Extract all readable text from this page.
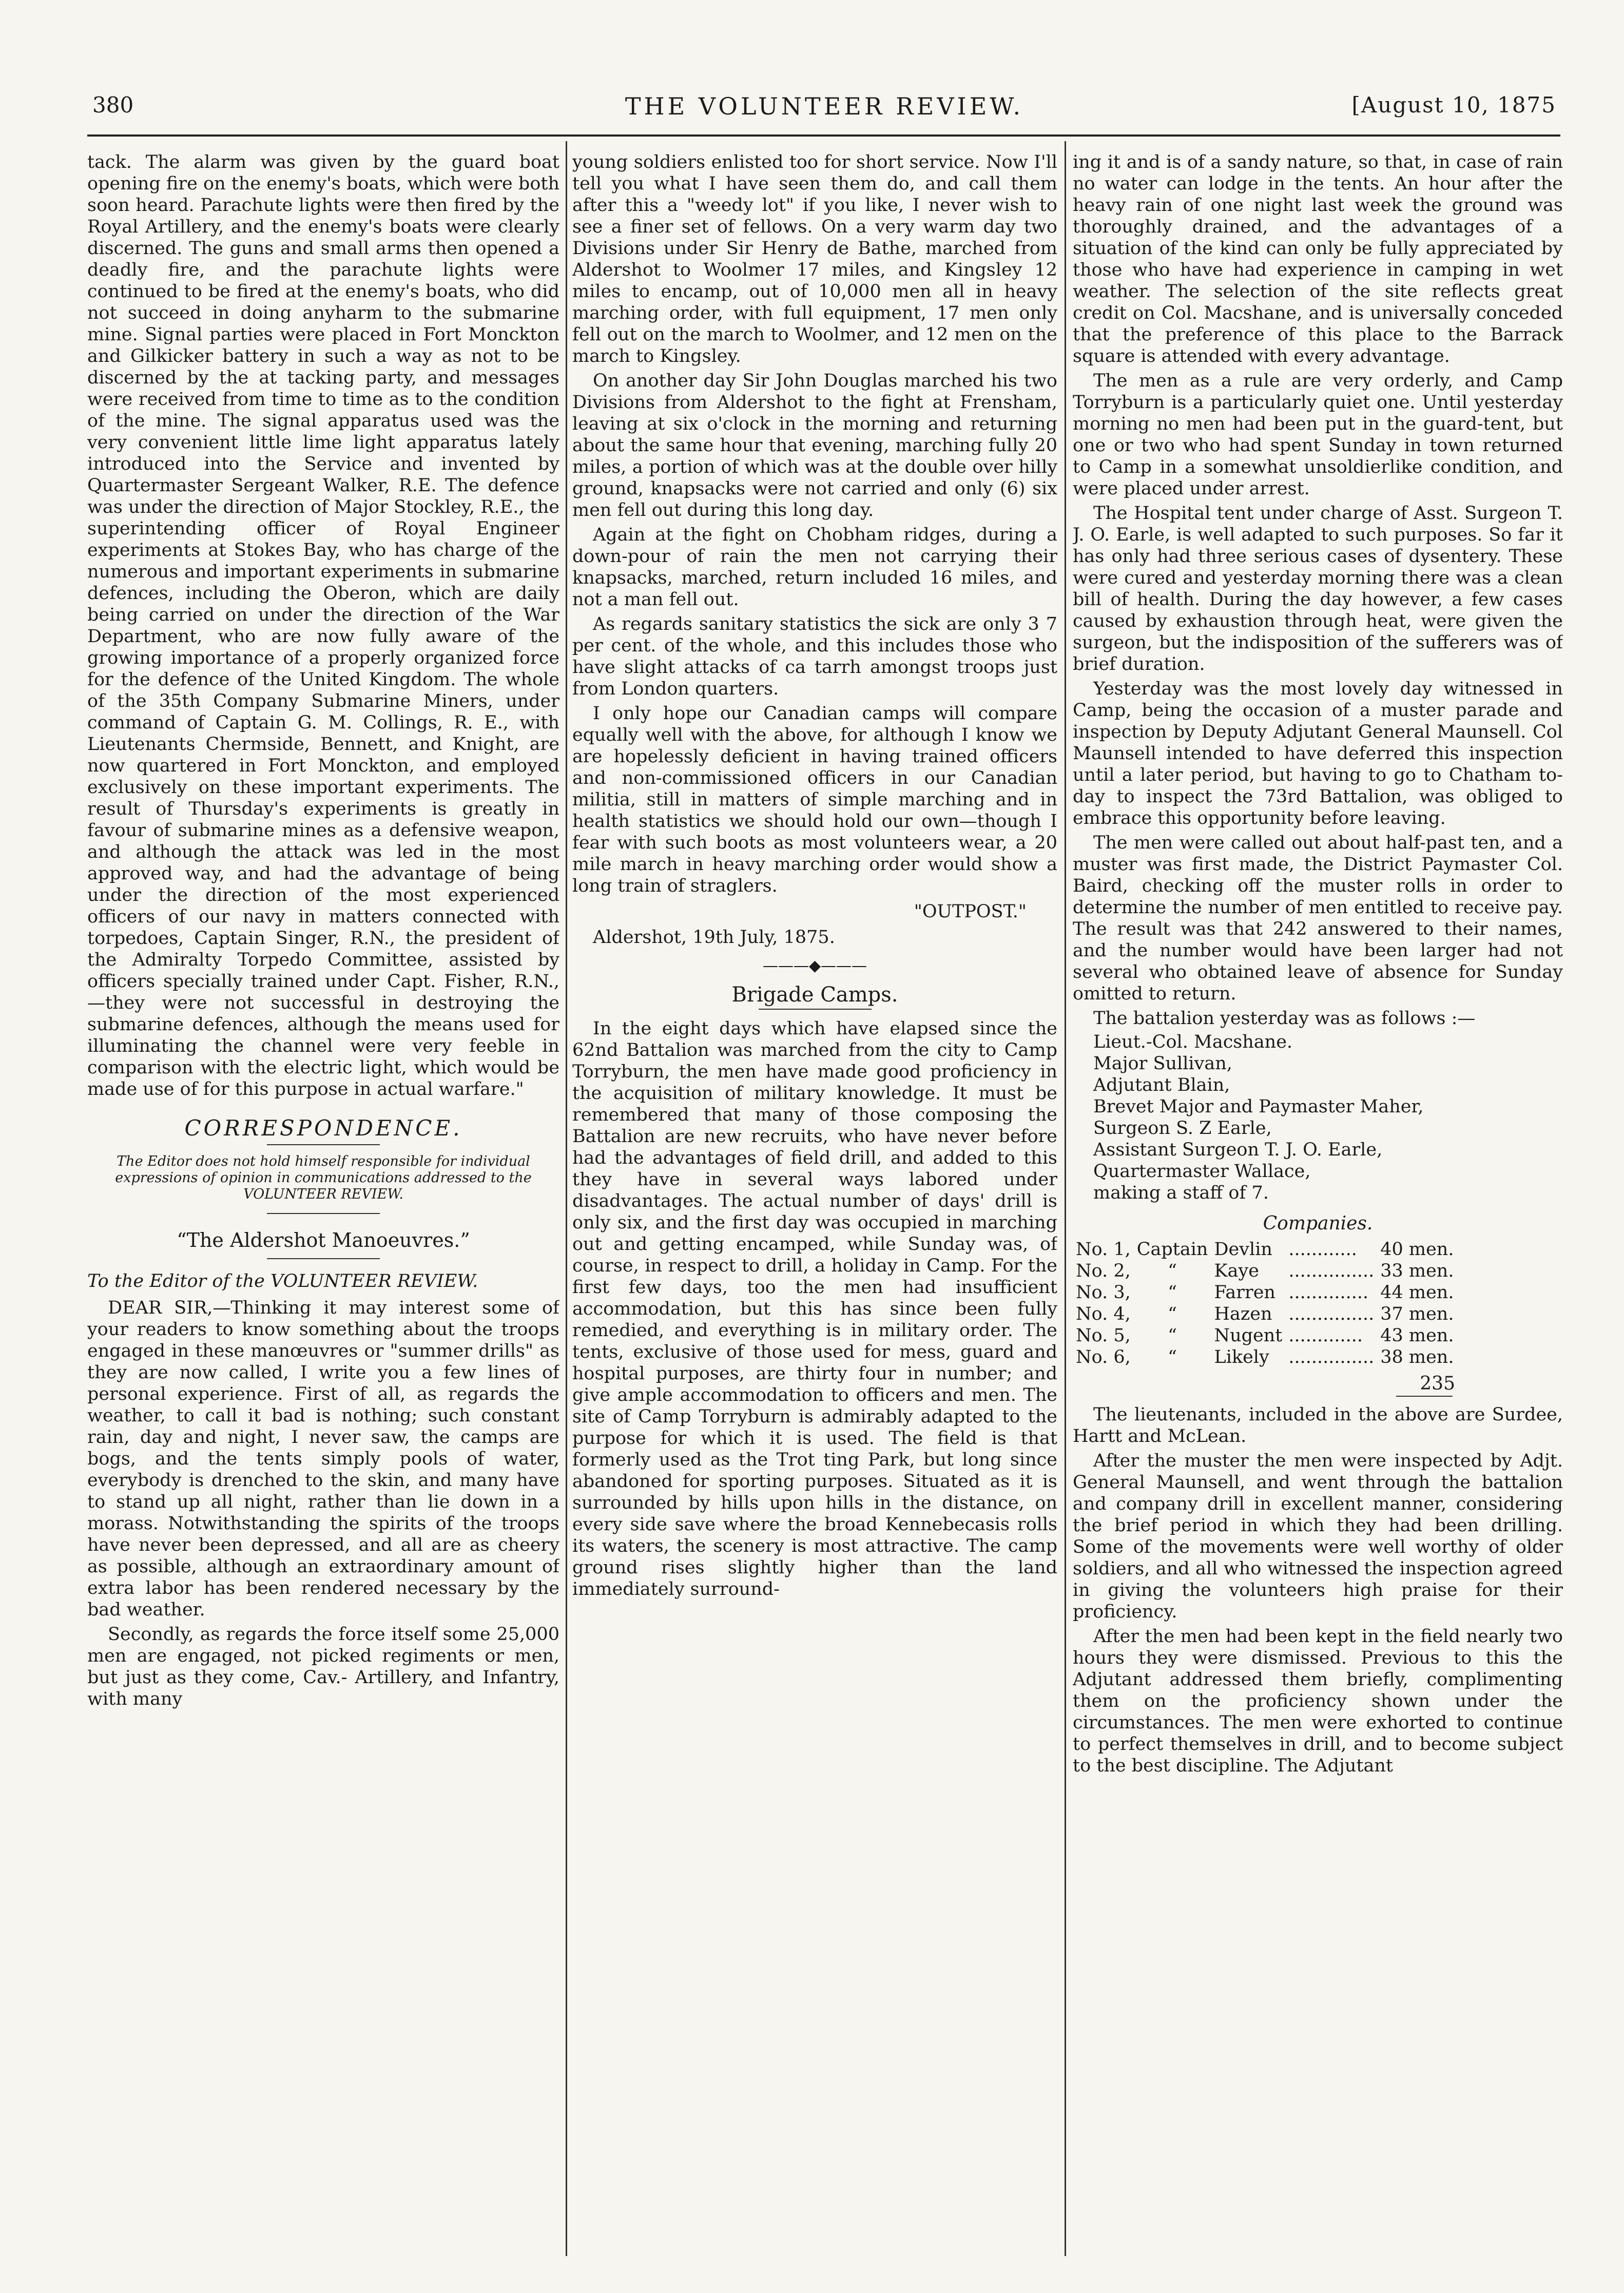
380	THE VOLUNTEER REVIEW.	[August 10, 1875

tack. The alarm was given by the guard boat opening fire on the enemy's boats, which were both soon heard. Parachute lights were then fired by the Royal Artillery, and the enemy's boats were clearly discerned. The guns and small arms then opened a deadly fire, and the parachute lights were continued to be fired at the enemy's boats, who did not succeed in doing anyharm to the submarine mine. Signal parties were placed in Fort Monckton and Gilkicker battery in such a way as not to be discerned by the at tacking party, and messages were received from time to time as to the condition of the mine. The signal apparatus used was the very convenient little lime light apparatus lately introduced into the Service and invented by Quartermaster Sergeant Walker, R.E. The defence was under the direction of Major Stockley, R.E., the superintending officer of Royal Engineer experiments at Stokes Bay, who has charge of the numerous and important experiments in submarine defences, including the Oberon, which are daily being carried on under the direction of the War Department, who are now fully aware of the growing importance of a properly organized force for the defence of the United Kingdom. The whole of the 35th Company Submarine Miners, under command of Captain G. M. Collings, R. E., with Lieutenants Chermside, Bennett, and Knight, are now quartered in Fort Monckton, and employed exclusively on these important experiments. The result of Thursday's experiments is greatly in favour of submarine mines as a defensive weapon, and although the attack was led in the most approved way, and had the advantage of being under the direction of the most experienced officers of our navy in matters connected with torpedoes, Captain Singer, R.N., the president of the Admiralty Torpedo Committee, assisted by officers specially trained under Capt. Fisher, R.N.,—they were not successful in destroying the submarine defences, although the means used for illuminating the channel were very feeble in comparison with the electric light, which would be made use of for this purpose in actual warfare."

CORRESPONDENCE.
The Editor does not hold himself responsible for individual expressions of opinion in communications addressed to the VOLUNTEER REVIEW.
“The Aldershot Manoeuvres.”

To the Editor of the VOLUNTEER REVIEW.

DEAR SIR,—Thinking it may interest some of your readers to know something about the troops engaged in these manœuvres or "summer drills" as they are now called, I write you a few lines of personal experience. First of all, as regards the weather, to call it bad is nothing; such constant rain, day and night, I never saw, the camps are bogs, and the tents simply pools of water, everybody is drenched to the skin, and many have to stand up all night, rather than lie down in a morass. Notwithstanding the spirits of the troops have never been depressed, and all are as cheery as possible, although an extraordinary amount of extra labor has been rendered necessary by the bad weather.

Secondly, as regards the force itself some 25,000 men are engaged, not picked regiments or men, but just as they come, Cav.- Artillery, and Infantry, with many

young soldiers enlisted too for short service. Now I'll tell you what I have seen them do, and call them after this a "weedy lot" if you like, I never wish to see a finer set of fellows. On a very warm day two Divisions under Sir Henry de Bathe, marched from Aldershot to Woolmer 17 miles, and Kingsley 12 miles to encamp, out of 10,000 men all in heavy marching order, with full equipment, 17 men only fell out on the march to Woolmer, and 12 men on the march to Kingsley.

On another day Sir John Douglas marched his two Divisions from Aldershot to the fight at Frensham, leaving at six o'clock in the morning and returning about the same hour that evening, marching fully 20 miles, a portion of which was at the double over hilly ground, knapsacks were not carried and only (6) six men fell out during this long day.

Again at the fight on Chobham ridges, during a down-pour of rain the men not carrying their knapsacks, marched, return included 16 miles, and not a man fell out.

As regards sanitary statistics the sick are only 3 7 per cent. of the whole, and this includes those who have slight attacks of ca tarrh amongst troops just from London quarters.

I only hope our Canadian camps will compare equally well with the above, for although I know we are hopelessly deficient in having trained officers and non-commissioned officers in our Canadian militia, still in matters of simple marching and in health statistics we should hold our own—though I fear with such boots as most volunteers wear, a 20 mile march in heavy marching order would show a long train of straglers.

"OUTPOST."
Aldershot, 19th July, 1875.
———◆———
Brigade Camps.

In the eight days which have elapsed since the 62nd Battalion was marched from the city to Camp Torryburn, the men have made good proficiency in the acquisition of military knowledge. It must be remembered that many of those composing the Battalion are new recruits, who have never before had the advantages of field drill, and added to this they have in several ways labored under disadvantages. The actual number of days' drill is only six, and the first day was occupied in marching out and getting encamped, while Sunday was, of course, in respect to drill, a holiday in Camp. For the first few days, too the men had insufficient accommodation, but this has since been fully remedied, and everything is in military order. The tents, exclusive of those used for mess, guard and hospital purposes, are thirty four in number; and give ample accommodation to officers and men. The site of Camp Torryburn is admirably adapted to the purpose for which it is used. The field is that formerly used as the Trot ting Park, but long since abandoned for sporting purposes. Situated as it is surrounded by hills upon hills in the distance, on every side save where the broad Kennebecasis rolls its waters, the scenery is most attractive. The camp ground rises slightly higher than the land immediately surround-

ing it and is of a sandy nature, so that, in case of rain no water can lodge in the tents. An hour after the heavy rain of one night last week the ground was thoroughly drained, and the advantages of a situation of the kind can only be fully appreciated by those who have had experience in camping in wet weather. The selection of the site reflects great credit on Col. Macshane, and is universally conceded that the preference of this place to the Barrack square is attended with every advantage.

The men as a rule are very orderly, and Camp Torryburn is a particularly quiet one. Until yesterday morning no men had been put in the guard-tent, but one or two who had spent Sunday in town returned to Camp in a somewhat unsoldierlike condition, and were placed under arrest.

The Hospital tent under charge of Asst. Surgeon T. J. O. Earle, is well adapted to such purposes. So far it has only had three serious cases of dysentery. These were cured and yesterday morning there was a clean bill of health. During the day however, a few cases caused by exhaustion through heat, were given the surgeon, but the indisposition of the sufferers was of brief duration.

Yesterday was the most lovely day witnessed in Camp, being the occasion of a muster parade and inspection by Deputy Adjutant General Maunsell. Col Maunsell intended to have deferred this inspection until a later period, but having to go to Chatham to-day to inspect the 73rd Battalion, was obliged to embrace this opportunity before leaving.

The men were called out about half-past ten, and a muster was first made, the District Paymaster Col. Baird, checking off the muster rolls in order to determine the number of men entitled to receive pay. The result was that 242 answered to their names, and the number would have been larger had not several who obtained leave of absence for Sunday omitted to return.

The battalion yesterday was as follows :—

Lieut.-Col. Macshane.
Major Sullivan,
Adjutant Blain,
Brevet Major and Paymaster Maher,
Surgeon S. Z Earle,
Assistant Surgeon T. J. O. Earle,
Quartermaster Wallace,
making a staff of 7.
Companies.
No. 1,	Captain	Devlin	............	40 men.
No. 2,	“	Kaye	...............	33 men.
No. 3,	“	Farren	..............	44 men.
No. 4,	“	Hazen	...............	37 men.
No. 5,	“	Nugent	.............	43 men.
No. 6,	“	Likely	...............	38 men.
235

The lieutenants, included in the above are Surdee, Hartt and McLean.

After the muster the men were inspected by Adjt. General Maunsell, and went through the battalion and company drill in excellent manner, considering the brief period in which they had been drilling. Some of the movements were well worthy of older soldiers, and all who witnessed the inspection agreed in giving the volunteers high praise for their proficiency.

After the men had been kept in the field nearly two hours they were dismissed. Previous to this the Adjutant addressed them briefly, complimenting them on the proficiency shown under the circumstances. The men were exhorted to continue to perfect themselves in drill, and to become subject to the best discipline. The Adjutant
